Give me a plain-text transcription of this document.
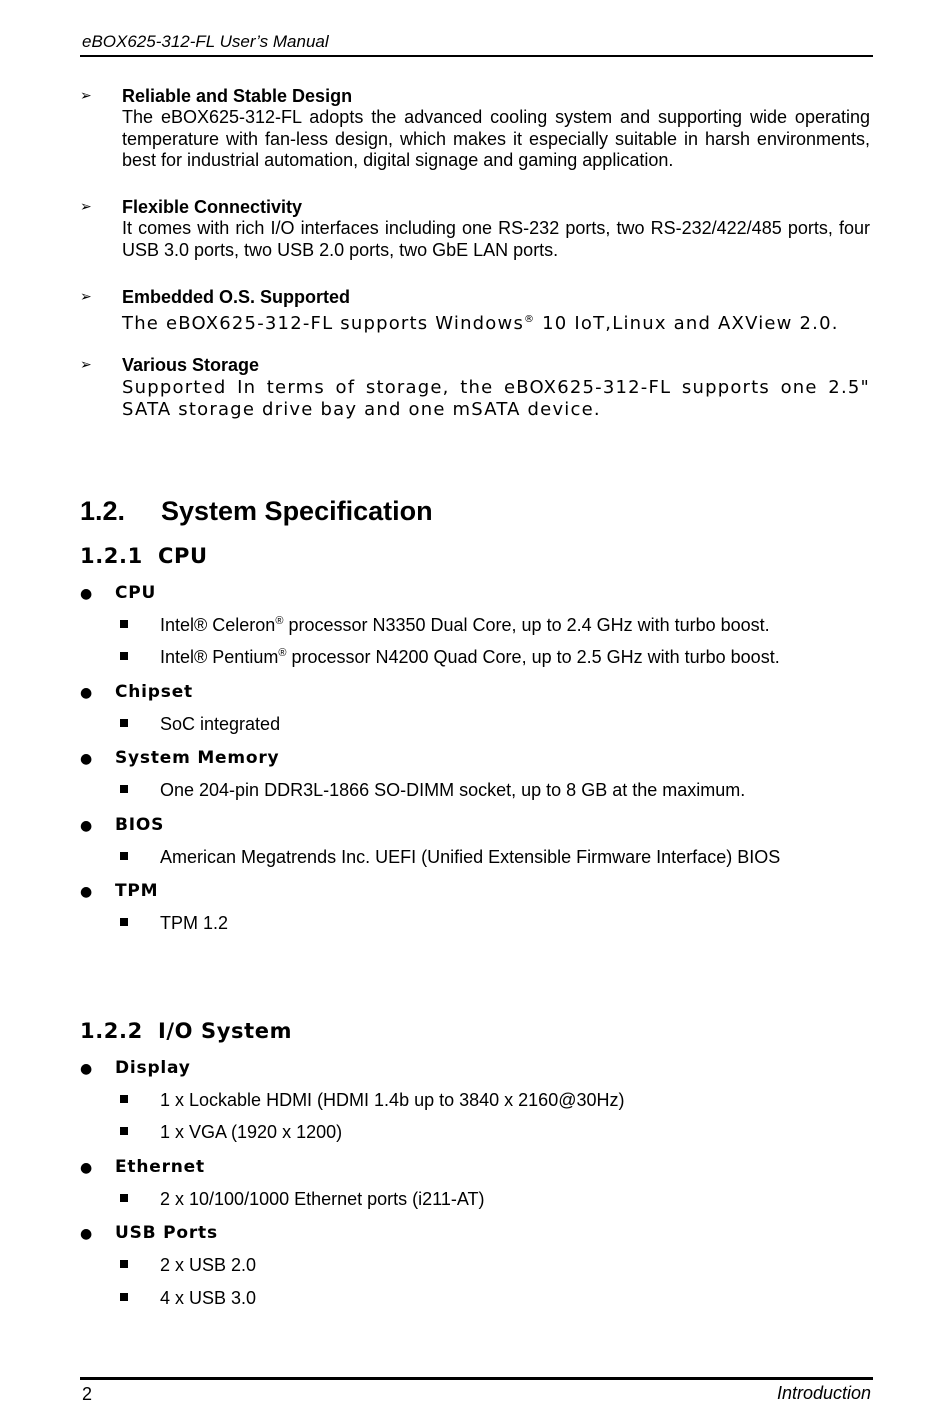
eBOX625-312-FL User’s Manual
➢ Reliable and Stable Design
The eBOX625-312-FL adopts the advanced cooling system and supporting wide operating temperature with fan-less design, which makes it especially suitable in harsh environments, best for industrial automation, digital signage and gaming application.
➢ Flexible Connectivity
It comes with rich I/O interfaces including one RS-232 ports, two RS-232/422/485 ports, four USB 3.0 ports, two USB 2.0 ports, two GbE LAN ports.
➢ Embedded O.S. Supported
The eBOX625-312-FL supports Windows® 10 IoT,Linux and AXView 2.0.
➢ Various Storage
Supported In terms of storage, the eBOX625-312-FL supports one 2.5" SATA storage drive bay and one mSATA device.
1.2. System Specification
1.2.1 CPU
● CPU
Intel® Celeron® processor N3350 Dual Core, up to 2.4 GHz with turbo boost.
Intel® Pentium® processor N4200 Quad Core, up to 2.5 GHz with turbo boost.
● Chipset
SoC integrated
● System Memory
One 204-pin DDR3L-1866 SO-DIMM socket, up to 8 GB at the maximum.
● BIOS
American Megatrends Inc. UEFI (Unified Extensible Firmware Interface) BIOS
● TPM
TPM 1.2
1.2.2 I/O System
● Display
1 x Lockable HDMI (HDMI 1.4b up to 3840 x 2160@30Hz)
1 x VGA (1920 x 1200)
● Ethernet
2 x 10/100/1000 Ethernet ports (i211-AT)
● USB Ports
2 x USB 2.0
4 x USB 3.0
2	Introduction
